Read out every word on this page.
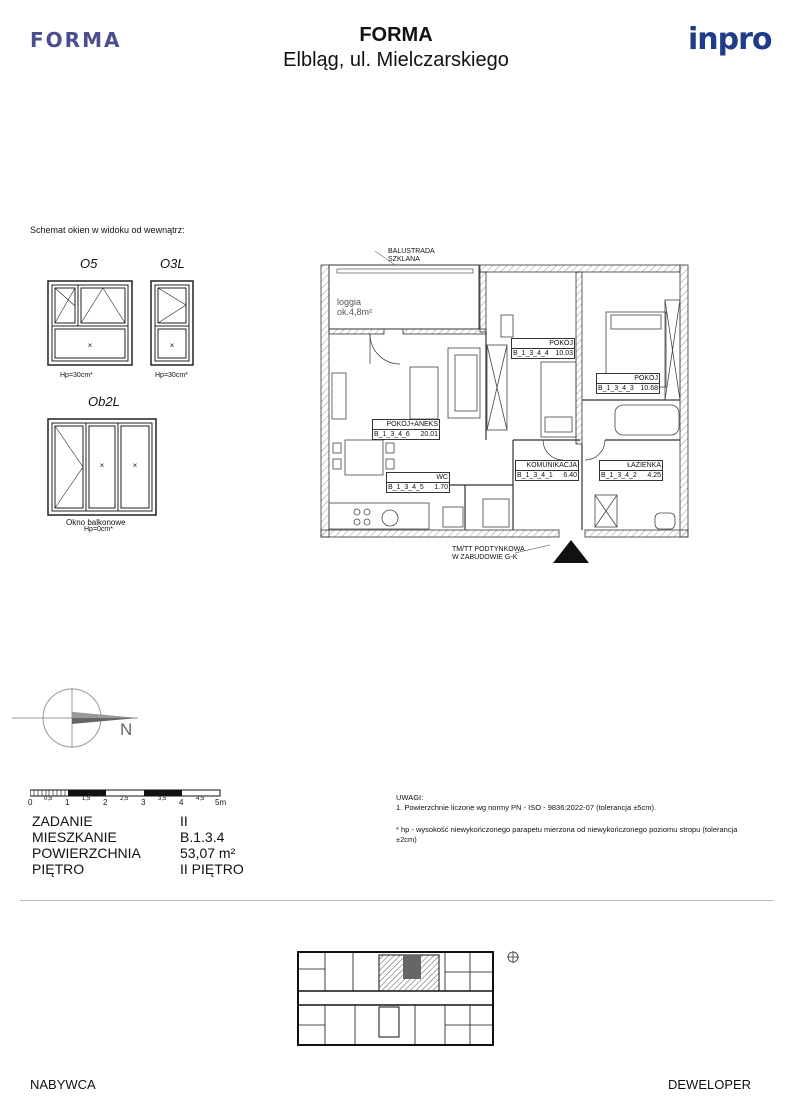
FORMA	FORMA
Elbląg, ul. Mielczarskiego
inpro
Schemat okien w widoku od wewnątrz:
O5	O3L
×	×
Hp=30cm*	Hp=30cm*
Ob2L
×	×
Okno balkonowe
Hp=0cm*
BALUSTRADA
SZKLANA
loggia
ok.4,8m²
POKÓJ
B_1_3_4_4 10.03
POKÓJ
B_1_3_4_3 10.68
POKÓJ+ANEKS
B_1_3_4_6 20.01
WC
B_1_3_4_5 1.70
KOMUNIKACJA
B_1_3_4_1 6.40
ŁAZIENKA
B_1_3_4_2 4.25
TM/TT PODTYNKOWA
W ZABUDOWIE G-K
N
0 0,5 1 1,5 2 2,5 3 3,5 4 4,5 5m
ZADANIE	II
MIESZKANIE	B.1.3.4
POWIERZCHNIA	53,07 m²
PIĘTRO	II PIĘTRO
UWAGI:
1. Powierzchnie liczone wg normy PN - ISO - 9836:2022-07 (tolerancja ±5cm).
* hp - wysokość niewykończonego parapetu mierzona od niewykończonego poziomu stropu (tolerancja
±2cm)
NABYWCA	DEWELOPER
